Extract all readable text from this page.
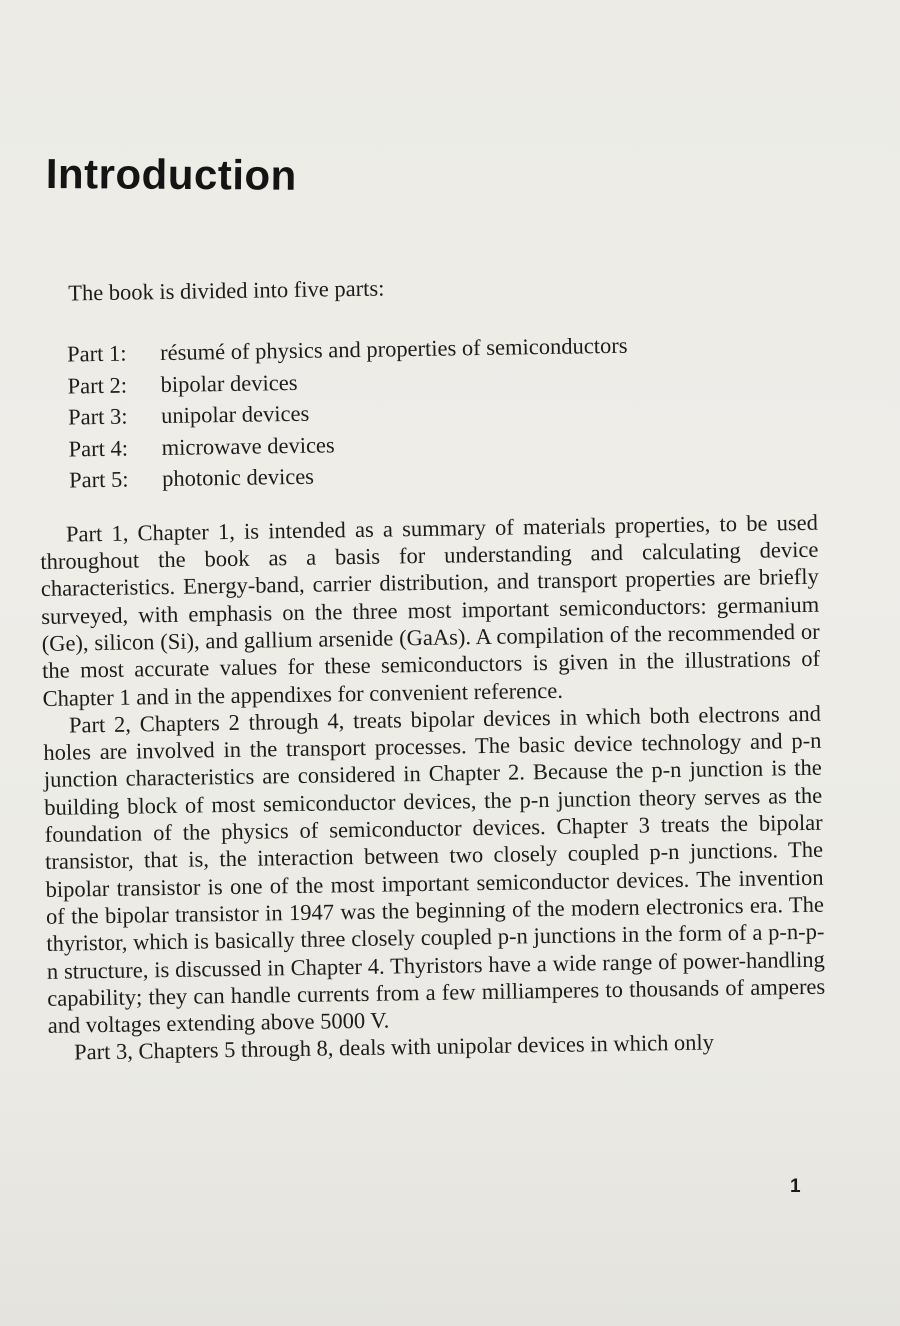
Introduction

The book is divided into five parts:

Part 1:	résumé of physics and properties of semiconductors
Part 2:	bipolar devices
Part 3:	unipolar devices
Part 4:	microwave devices
Part 5:	photonic devices

Part 1, Chapter 1, is intended as a summary of materials properties, to be used throughout the book as a basis for understanding and calculating device characteristics. Energy-band, carrier distribution, and transport properties are briefly surveyed, with emphasis on the three most important semiconductors: germanium (Ge), silicon (Si), and gallium arsenide (GaAs). A compilation of the recommended or the most accurate values for these semiconductors is given in the illustrations of Chapter 1 and in the appendixes for convenient reference.

Part 2, Chapters 2 through 4, treats bipolar devices in which both electrons and holes are involved in the transport processes. The basic device technology and p-n junction characteristics are considered in Chapter 2. Because the p-n junction is the building block of most semiconductor devices, the p-n junction theory serves as the foundation of the physics of semiconductor devices. Chapter 3 treats the bipolar transistor, that is, the interaction between two closely coupled p-n junctions. The bipolar transistor is one of the most important semiconductor devices. The invention of the bipolar transistor in 1947 was the beginning of the modern electronics era. The thyristor, which is basically three closely coupled p-n junctions in the form of a p-n-p-n structure, is discussed in Chapter 4. Thyristors have a wide range of power-handling capability; they can handle currents from a few milliamperes to thousands of amperes and voltages extending above 5000 V.

Part 3, Chapters 5 through 8, deals with unipolar devices in which only

1
